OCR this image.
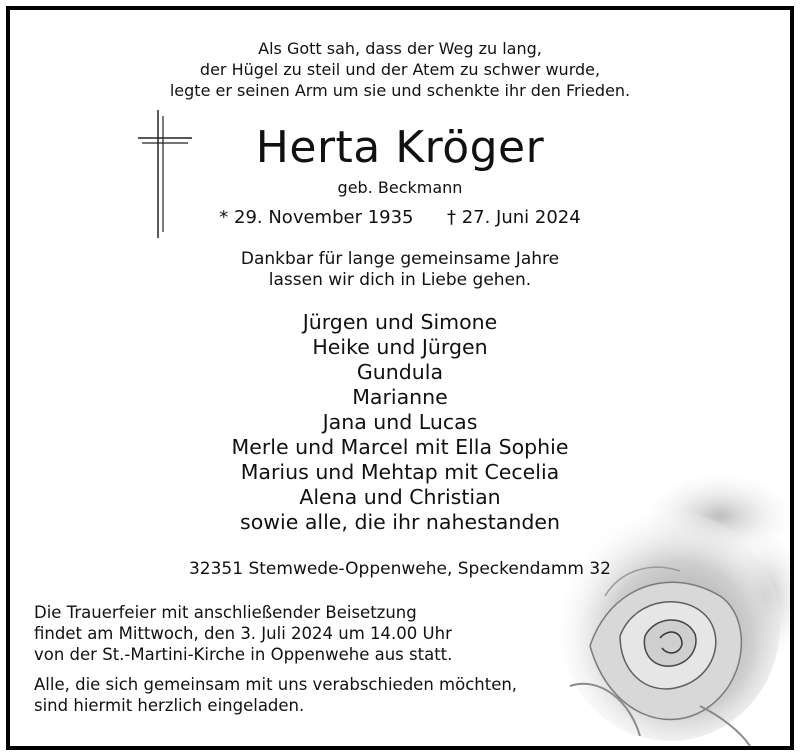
Als Gott sah, dass der Weg zu lang,
der Hügel zu steil und der Atem zu schwer wurde,
legte er seinen Arm um sie und schenkte ihr den Frieden.
Herta Kröger
geb. Beckmann
* 29. November 1935 † 27. Juni 2024
Dankbar für lange gemeinsame Jahre
lassen wir dich in Liebe gehen.
Jürgen und Simone
Heike und Jürgen
Gundula
Marianne
Jana und Lucas
Merle und Marcel mit Ella Sophie
Marius und Mehtap mit Cecelia
Alena und Christian
sowie alle, die ihr nahestanden
32351 Stemwede-Oppenwehe, Speckendamm 32
Die Trauerfeier mit anschließender Beisetzung
findet am Mittwoch, den 3. Juli 2024 um 14.00 Uhr
von der St.-Martini-Kirche in Oppenwehe aus statt.
Alle, die sich gemeinsam mit uns verabschieden möchten,
sind hiermit herzlich eingeladen.
